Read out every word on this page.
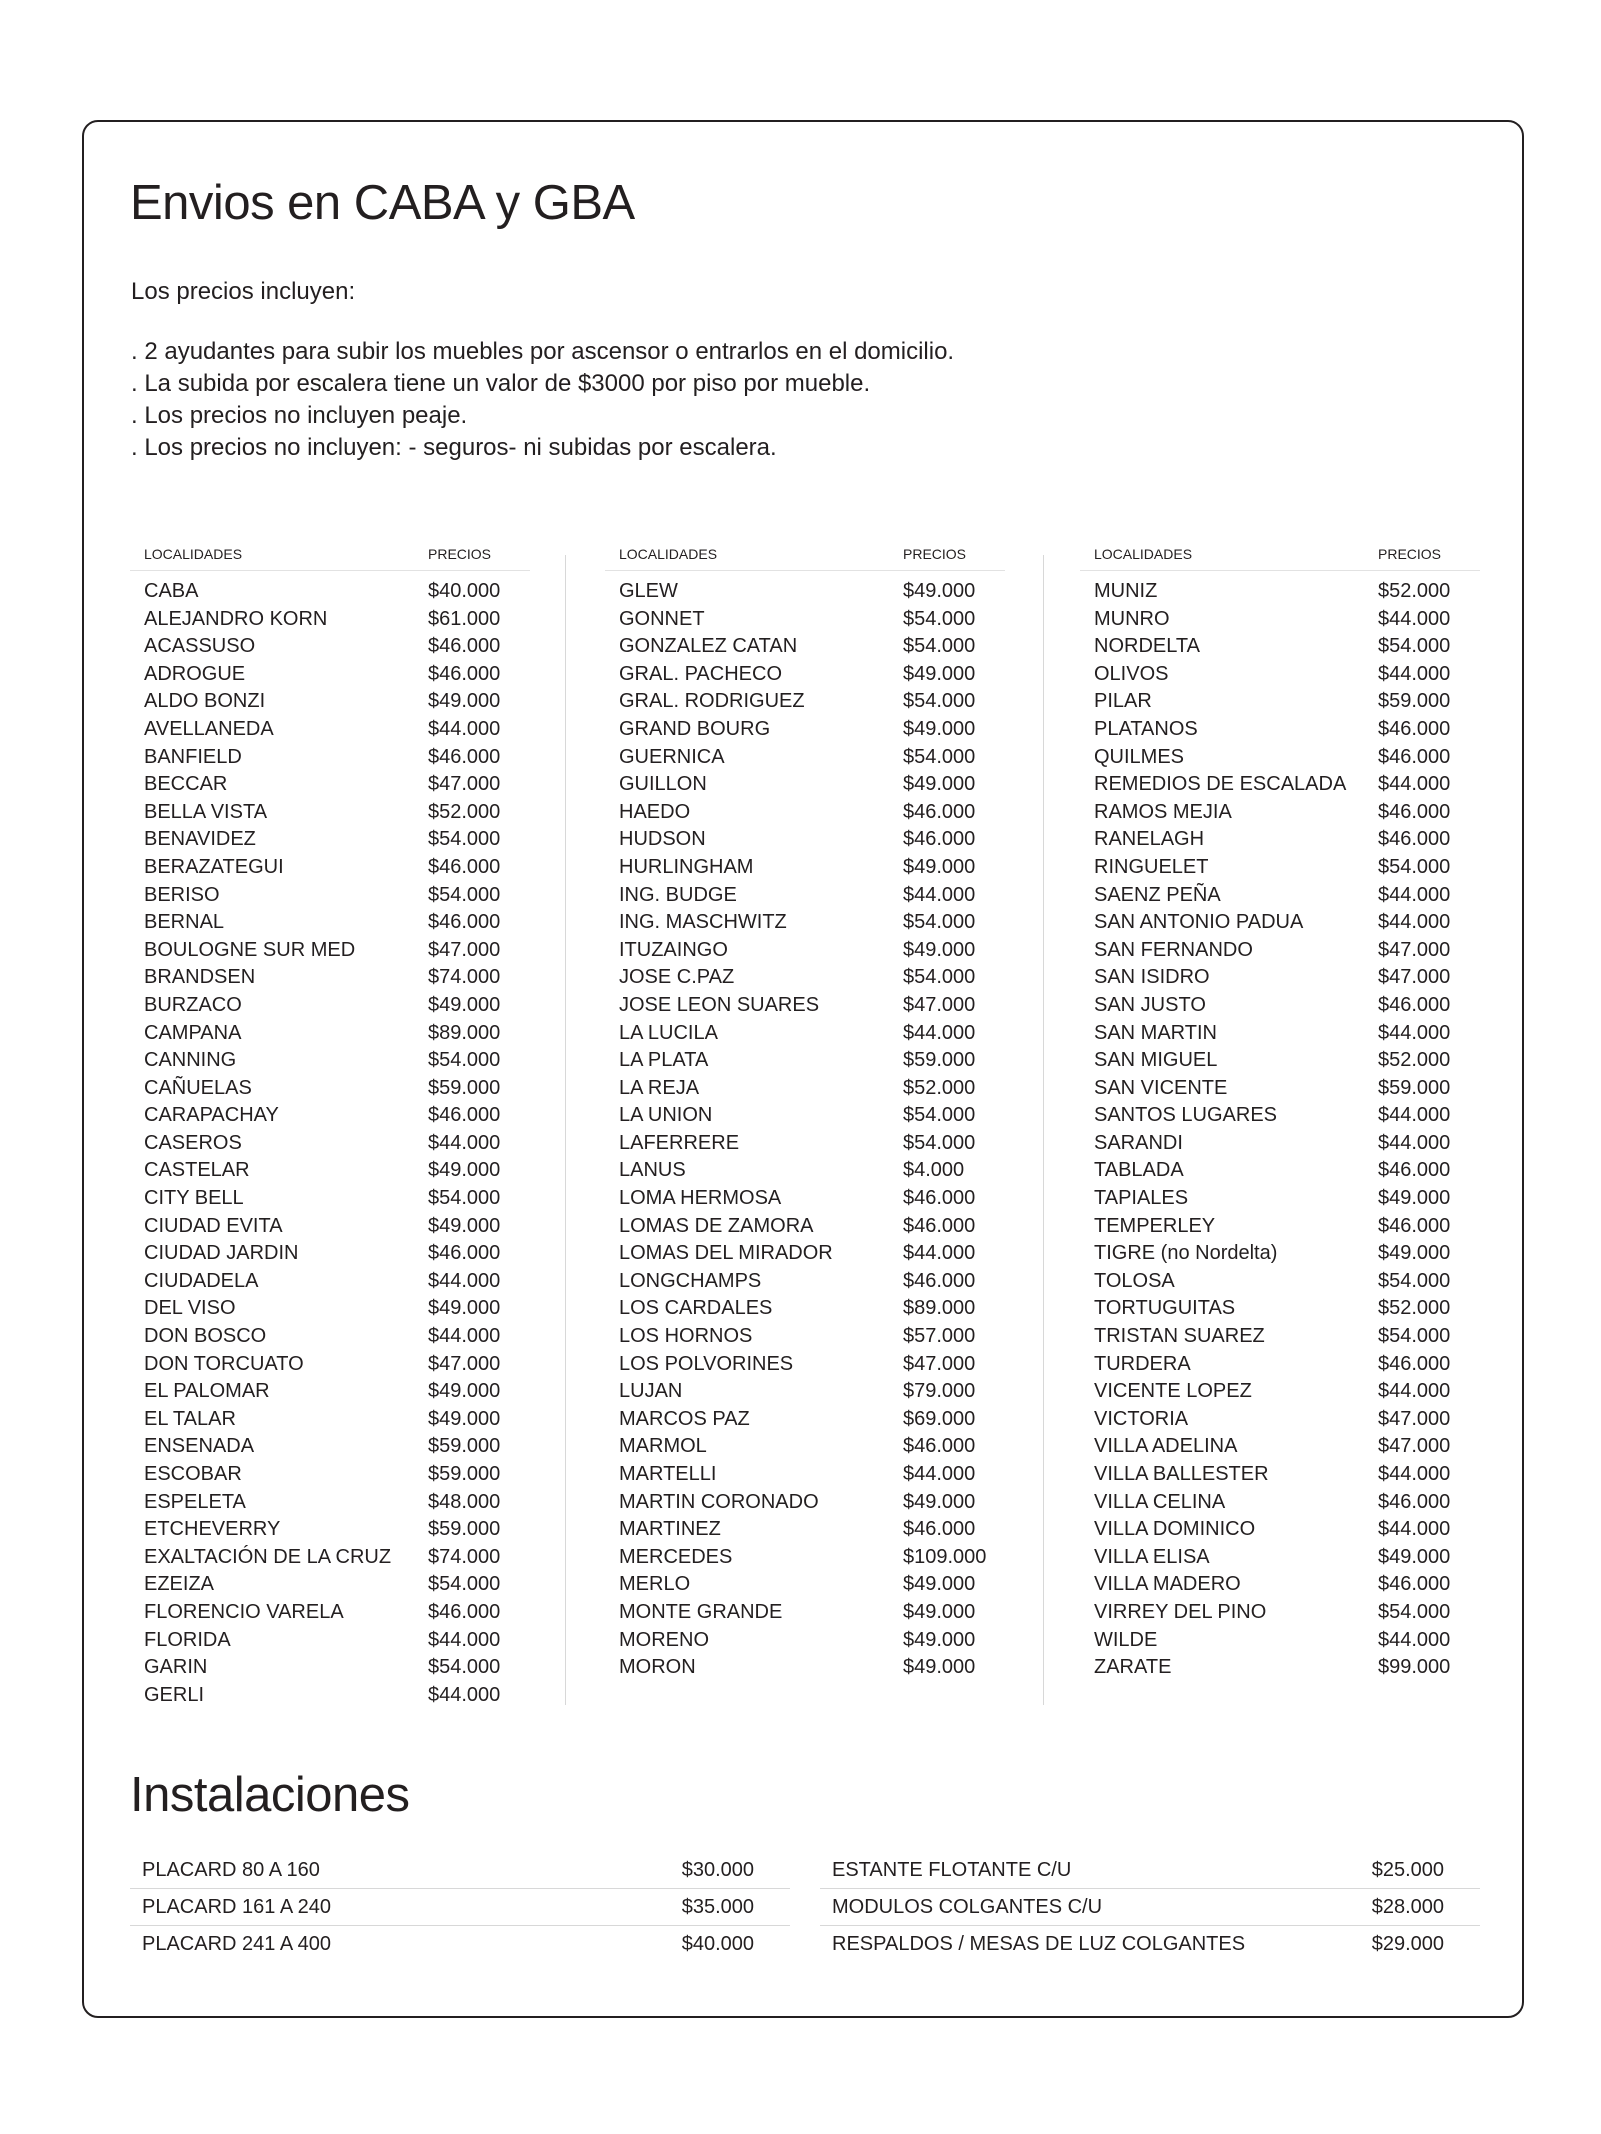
Envios en CABA y GBA
Los precios incluyen:
. 2 ayudantes para subir los muebles por ascensor o entrarlos en el domicilio.
. La subida por escalera tiene un valor de $3000 por piso por mueble.
. Los precios no incluyen peaje.
. Los precios no incluyen: - seguros- ni subidas por escalera.
LOCALIDADES	PRECIOS
CABA	$40.000
ALEJANDRO KORN	$61.000
ACASSUSO	$46.000
ADROGUE	$46.000
ALDO BONZI	$49.000
AVELLANEDA	$44.000
BANFIELD	$46.000
BECCAR	$47.000
BELLA VISTA	$52.000
BENAVIDEZ	$54.000
BERAZATEGUI	$46.000
BERISO	$54.000
BERNAL	$46.000
BOULOGNE SUR MED	$47.000
BRANDSEN	$74.000
BURZACO	$49.000
CAMPANA	$89.000
CANNING	$54.000
CAÑUELAS	$59.000
CARAPACHAY	$46.000
CASEROS	$44.000
CASTELAR	$49.000
CITY BELL	$54.000
CIUDAD EVITA	$49.000
CIUDAD JARDIN	$46.000
CIUDADELA	$44.000
DEL VISO	$49.000
DON BOSCO	$44.000
DON TORCUATO	$47.000
EL PALOMAR	$49.000
EL TALAR	$49.000
ENSENADA	$59.000
ESCOBAR	$59.000
ESPELETA	$48.000
ETCHEVERRY	$59.000
EXALTACIÓN DE LA CRUZ $74.000
EZEIZA	$54.000
FLORENCIO VARELA	$46.000
FLORIDA	$44.000
GARIN	$54.000
GERLI	$44.000
LOCALIDADES	PRECIOS
GLEW	$49.000
GONNET	$54.000
GONZALEZ CATAN	$54.000
GRAL. PACHECO	$49.000
GRAL. RODRIGUEZ	$54.000
GRAND BOURG	$49.000
GUERNICA	$54.000
GUILLON	$49.000
HAEDO	$46.000
HUDSON	$46.000
HURLINGHAM	$49.000
ING. BUDGE	$44.000
ING. MASCHWITZ	$54.000
ITUZAINGO	$49.000
JOSE C.PAZ	$54.000
JOSE LEON SUARES	$47.000
LA LUCILA	$44.000
LA PLATA	$59.000
LA REJA	$52.000
LA UNION	$54.000
LAFERRERE	$54.000
LANUS	$4.000
LOMA HERMOSA	$46.000
LOMAS DE ZAMORA	$46.000
LOMAS DEL MIRADOR	$44.000
LONGCHAMPS	$46.000
LOS CARDALES	$89.000
LOS HORNOS	$57.000
LOS POLVORINES	$47.000
LUJAN	$79.000
MARCOS PAZ	$69.000
MARMOL	$46.000
MARTELLI	$44.000
MARTIN CORONADO	$49.000
MARTINEZ	$46.000
MERCEDES	$109.000
MERLO	$49.000
MONTE GRANDE	$49.000
MORENO	$49.000
MORON	$49.000
LOCALIDADES	PRECIOS
MUNIZ	$52.000
MUNRO	$44.000
NORDELTA	$54.000
OLIVOS	$44.000
PILAR	$59.000
PLATANOS	$46.000
QUILMES	$46.000
REMEDIOS DE ESCALADA $44.000
RAMOS MEJIA	$46.000
RANELAGH	$46.000
RINGUELET	$54.000
SAENZ PEÑA	$44.000
SAN ANTONIO PADUA	$44.000
SAN FERNANDO	$47.000
SAN ISIDRO	$47.000
SAN JUSTO	$46.000
SAN MARTIN	$44.000
SAN MIGUEL	$52.000
SAN VICENTE	$59.000
SANTOS LUGARES	$44.000
SARANDI	$44.000
TABLADA	$46.000
TAPIALES	$49.000
TEMPERLEY	$46.000
TIGRE (no Nordelta)	$49.000
TOLOSA	$54.000
TORTUGUITAS	$52.000
TRISTAN SUAREZ	$54.000
TURDERA	$46.000
VICENTE LOPEZ	$44.000
VICTORIA	$47.000
VILLA ADELINA	$47.000
VILLA BALLESTER	$44.000
VILLA CELINA	$46.000
VILLA DOMINICO	$44.000
VILLA ELISA	$49.000
VILLA MADERO	$46.000
VIRREY DEL PINO	$54.000
WILDE	$44.000
ZARATE	$99.000
Instalaciones
PLACARD 80 A 160	$30.000
PLACARD 161 A 240	$35.000
PLACARD 241 A 400	$40.000
ESTANTE FLOTANTE C/U	$25.000
MODULOS COLGANTES C/U	$28.000
RESPALDOS / MESAS DE LUZ COLGANTES	$29.000
